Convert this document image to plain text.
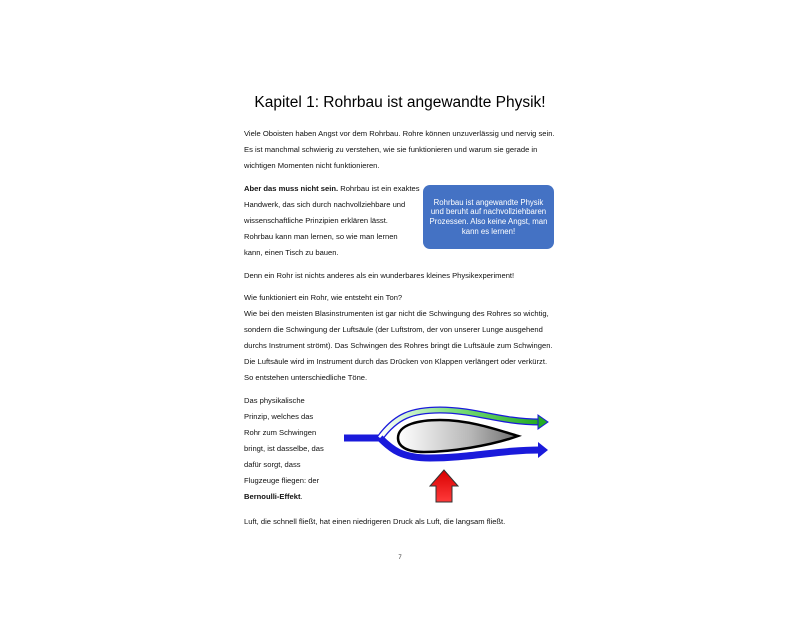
Kapitel 1: Rohrbau ist angewandte Physik!
Viele Oboisten haben Angst vor dem Rohrbau. Rohre können unzuverlässig und nervig sein.
Es ist manchmal schwierig zu verstehen, wie sie funktionieren und warum sie gerade in
wichtigen Momenten nicht funktionieren.
Aber das muss nicht sein. Rohrbau ist ein exaktes
Handwerk, das sich durch nachvollziehbare und
wissenschaftliche Prinzipien erklären lässt.
Rohrbau kann man lernen, so wie man lernen
kann, einen Tisch zu bauen.
Rohrbau ist angewandte Physik und beruht auf nachvollziehbaren Prozessen. Also keine Angst, man kann es lernen!
Denn ein Rohr ist nichts anderes als ein wunderbares kleines Physikexperiment!
Wie funktioniert ein Rohr, wie entsteht ein Ton?
Wie bei den meisten Blasinstrumenten ist gar nicht die Schwingung des Rohres so wichtig,
sondern die Schwingung der Luftsäule (der Luftstrom, der von unserer Lunge ausgehend
durchs Instrument strömt). Das Schwingen des Rohres bringt die Luftsäule zum Schwingen.
Die Luftsäule wird im Instrument durch das Drücken von Klappen verlängert oder verkürzt.
So entstehen unterschiedliche Töne.
Das physikalische
Prinzip, welches das
Rohr zum Schwingen
bringt, ist dasselbe, das
dafür sorgt, dass
Flugzeuge fliegen: der
Bernoulli-Effekt.
Luft, die schnell fließt, hat einen niedrigeren Druck als Luft, die langsam fließt.
7
